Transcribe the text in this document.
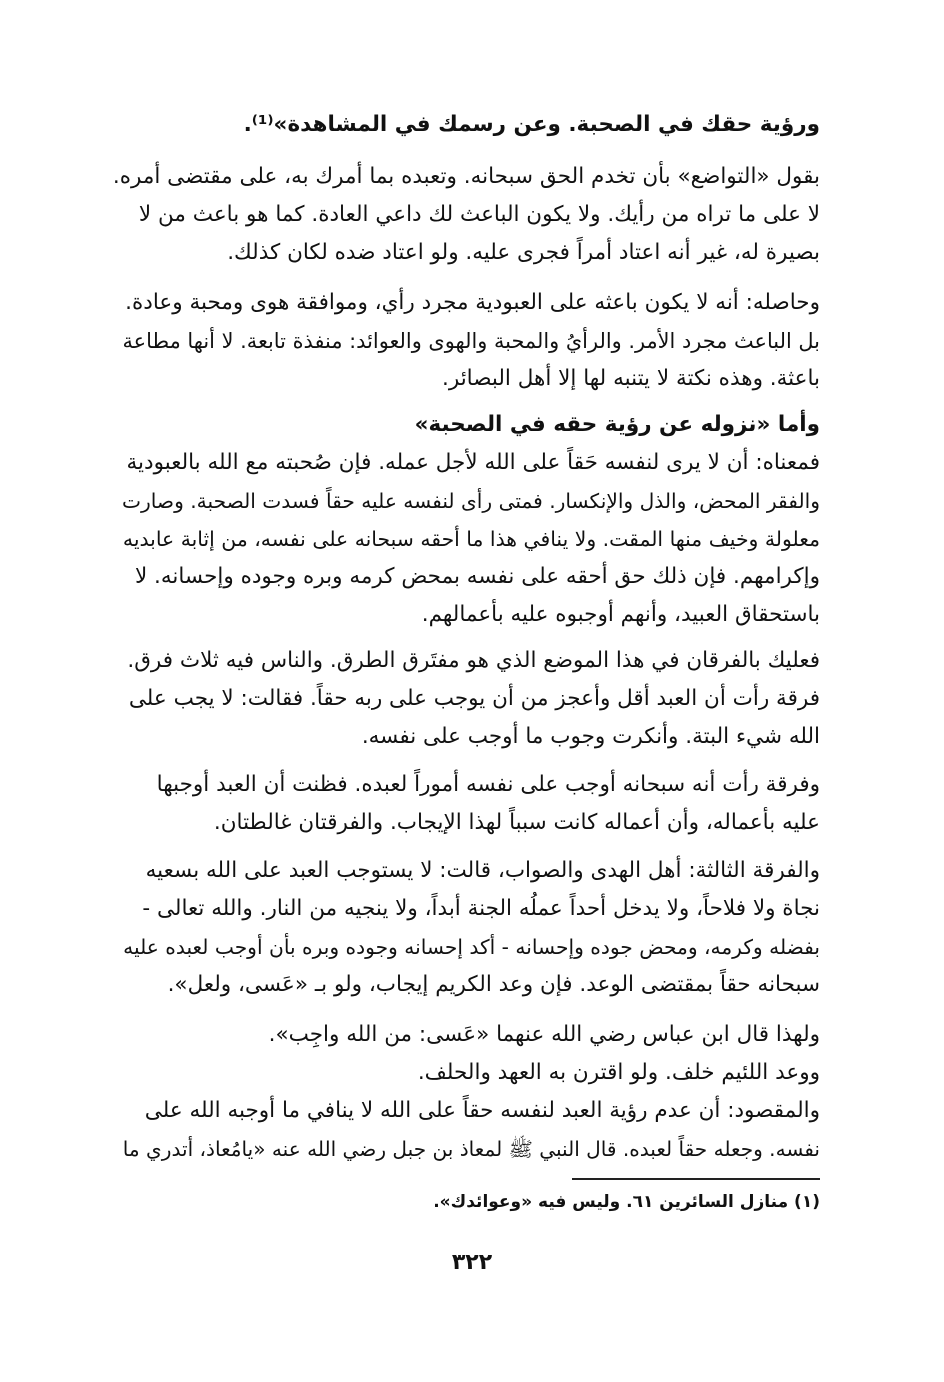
ورؤية حقك في الصحبة. وعن رسمك في المشاهدة»⁽¹⁾.
بقول «التواضع» بأن تخدم الحق سبحانه. وتعبده بما أمرك به، على مقتضى أمره.
لا على ما تراه من رأيك. ولا يكون الباعث لك داعي العادة. كما هو باعث من لا
بصيرة له، غير أنه اعتاد أمراً فجرى عليه. ولو اعتاد ضده لكان كذلك.
وحاصله: أنه لا يكون باعثه على العبودية مجرد رأي، وموافقة هوى ومحبة وعادة.
بل الباعث مجرد الأمر. والرأيُ والمحبة والهوى والعوائد: منفذة تابعة. لا أنها مطاعة
باعثة. وهذه نكتة لا يتنبه لها إلا أهل البصائر.
وأما «نزوله عن رؤية حقه في الصحبة»
فمعناه: أن لا يرى لنفسه حَقاً على الله لأجل عمله. فإن صُحبته مع الله بالعبودية
والفقر المحض، والذل والإنكسار. فمتى رأى لنفسه عليه حقاً فسدت الصحبة. وصارت
معلولة وخيف منها المقت. ولا ينافي هذا ما أحقه سبحانه على نفسه، من إثابة عابديه
وإكرامهم. فإن ذلك حق أحقه على نفسه بمحض كرمه وبره وجوده وإحسانه. لا
باستحقاق العبيد، وأنهم أوجبوه عليه بأعمالهم.
فعليك بالفرقان في هذا الموضع الذي هو مفتَرق الطرق. والناس فيه ثلاث فرق.
فرقة رأت أن العبد أقل وأعجز من أن يوجب على ربه حقاً. فقالت: لا يجب على
الله شيء البتة. وأنكرت وجوب ما أوجب على نفسه.
وفرقة رأت أنه سبحانه أوجب على نفسه أموراً لعبده. فظنت أن العبد أوجبها
عليه بأعماله، وأن أعماله كانت سبباً لهذا الإيجاب. والفرقتان غالطتان.
والفرقة الثالثة: أهل الهدى والصواب، قالت: لا يستوجب العبد على الله بسعيه
نجاة ولا فلاحاً، ولا يدخل أحداً عملُه الجنة أبداً، ولا ينجيه من النار. والله تعالى -
بفضله وكرمه، ومحض جوده وإحسانه - أكد إحسانه وجوده وبره بأن أوجب لعبده عليه
سبحانه حقاً بمقتضى الوعد. فإن وعد الكريم إيجاب، ولو بـ «عَسى، ولعل».
ولهذا قال ابن عباس رضي الله عنهما «عَسى: من الله واجِب».
ووعد اللئيم خلف. ولو اقترن به العهد والحلف.
والمقصود: أن عدم رؤية العبد لنفسه حقاً على الله لا ينافي ما أوجبه الله على
نفسه. وجعله حقاً لعبده. قال النبي ﷺ لمعاذ بن جبل رضي الله عنه «يامُعاذ، أتدري ما
(١) منازل السائرين ٦١. وليس فيه «وعوائدك».
٣٢٢
